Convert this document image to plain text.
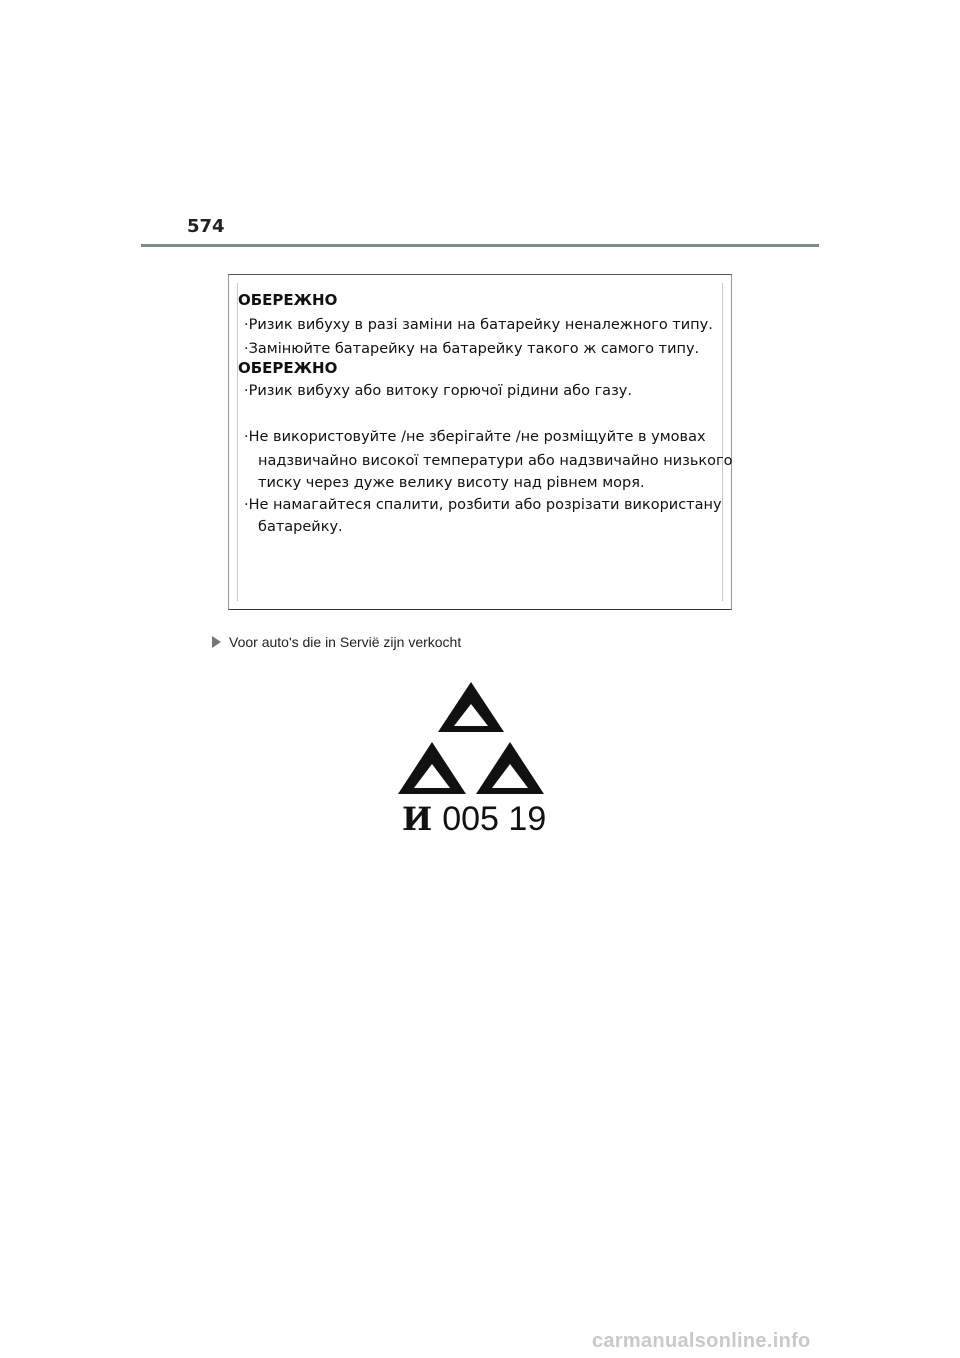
574
ОБЕРЕЖНО
·Ризик вибуху в разі заміни на батарейку неналежного типу.
·Замінюйте батарейку на батарейку такого ж самого типу.
ОБЕРЕЖНО
·Ризик вибуху або витоку горючої рідини або газу.
·Не використовуйте /не зберігайте /не розміщуйте в умовах
надзвичайно високої температури або надзвичайно низького
тиску через дуже велику висоту над рівнем моря.
·Не намагайтеся спалити, розбити або розрізати використану
батарейку.
Voor auto's die in Servië zijn verkocht
И 005 19
carmanualsonline.info
